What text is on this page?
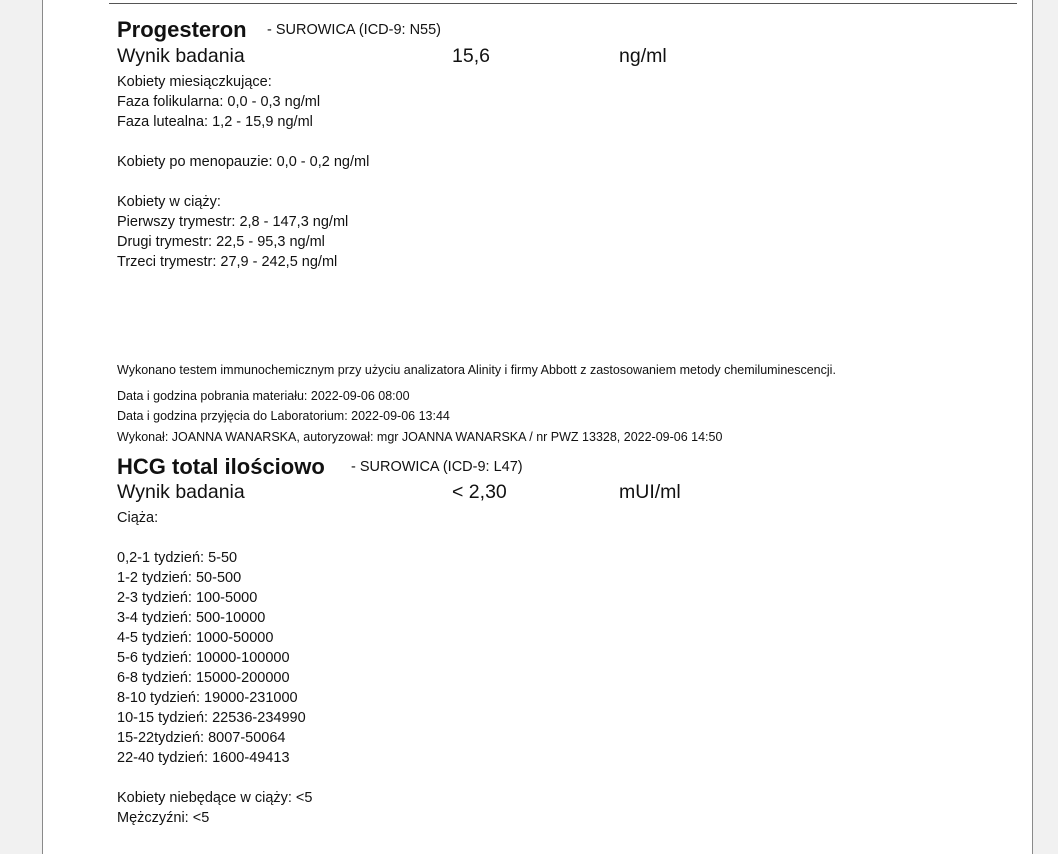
Progesteron - SUROWICA (ICD-9: N55)
Wynik badania	15,6	ng/ml
Kobiety miesiączkujące:
Faza folikularna: 0,0 - 0,3 ng/ml
Faza lutealna: 1,2 - 15,9 ng/ml
Kobiety po menopauzie: 0,0 - 0,2 ng/ml
Kobiety w ciąży:
Pierwszy trymestr: 2,8 - 147,3 ng/ml
Drugi trymestr: 22,5 - 95,3 ng/ml
Trzeci trymestr: 27,9 - 242,5 ng/ml
Wykonano testem immunochemicznym przy użyciu analizatora Alinity i firmy Abbott z zastosowaniem metody chemiluminescencji.
Data i godzina pobrania materiału: 2022-09-06 08:00
Data i godzina przyjęcia do Laboratorium: 2022-09-06 13:44
Wykonał: JOANNA WANARSKA, autoryzował: mgr JOANNA WANARSKA / nr PWZ 13328, 2022-09-06 14:50
HCG total ilościowo - SUROWICA (ICD-9: L47)
Wynik badania	< 2,30	mUI/ml
Ciąża:
0,2-1 tydzień: 5-50
1-2 tydzień: 50-500
2-3 tydzień: 100-5000
3-4 tydzień: 500-10000
4-5 tydzień: 1000-50000
5-6 tydzień: 10000-100000
6-8 tydzień: 15000-200000
8-10 tydzień: 19000-231000
10-15 tydzień: 22536-234990
15-22tydzień: 8007-50064
22-40 tydzień: 1600-49413
Kobiety niebędące w ciąży: <5
Mężczyźni: <5
